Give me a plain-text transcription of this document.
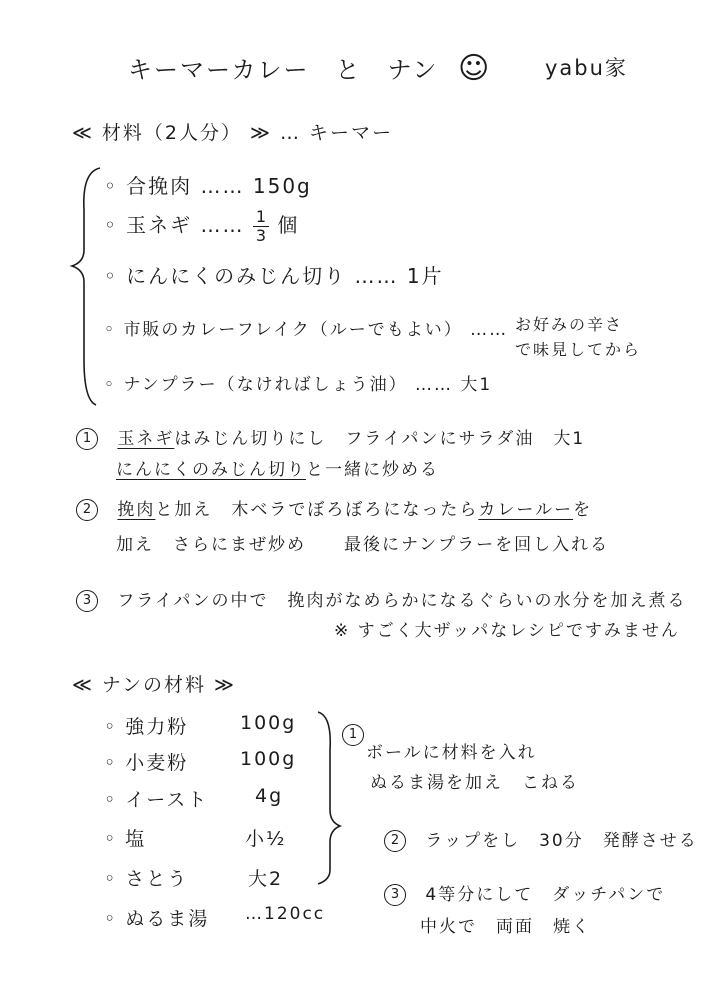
キーマーカレー　と　ナン ☺	yabu家
≪ 材料（2人分） ≫ … キーマー
◦ 合挽肉 …… 150g
◦ 玉ネギ …… $\frac{1}{3}$ 個
◦ にんにくのみじん切り …… 1片
◦ 市販のカレーフレイク（ルーでもよい） …… お好みの辛さ
で味見してから
◦ ナンプラー（なければしょう油） …… 大1
1 玉ネギはみじん切りにし　フライパンにサラダ油　大1
にんにくのみじん切りと一緒に炒める
2 挽肉と加え　木ベラでぼろぼろになったらカレールーを
加え　さらにまぜ炒め　　最後にナンプラーを回し入れる
3 フライパンの中で　挽肉がなめらかになるぐらいの水分を加え煮る
※ すごく大ザッパなレシピですみません
≪ ナンの材料 ≫
◦ 強力粉	100g
◦ 小麦粉	100g
◦ イースト 4g
◦ 塩	小½
◦ さとう	大2
◦ ぬるま湯 …120cc
1
ボールに材料を入れ
ぬるま湯を加え　こねる
2 ラップをし　30分　発酵させる
3 4等分にして　ダッチパンで
中火で　両面　焼く
